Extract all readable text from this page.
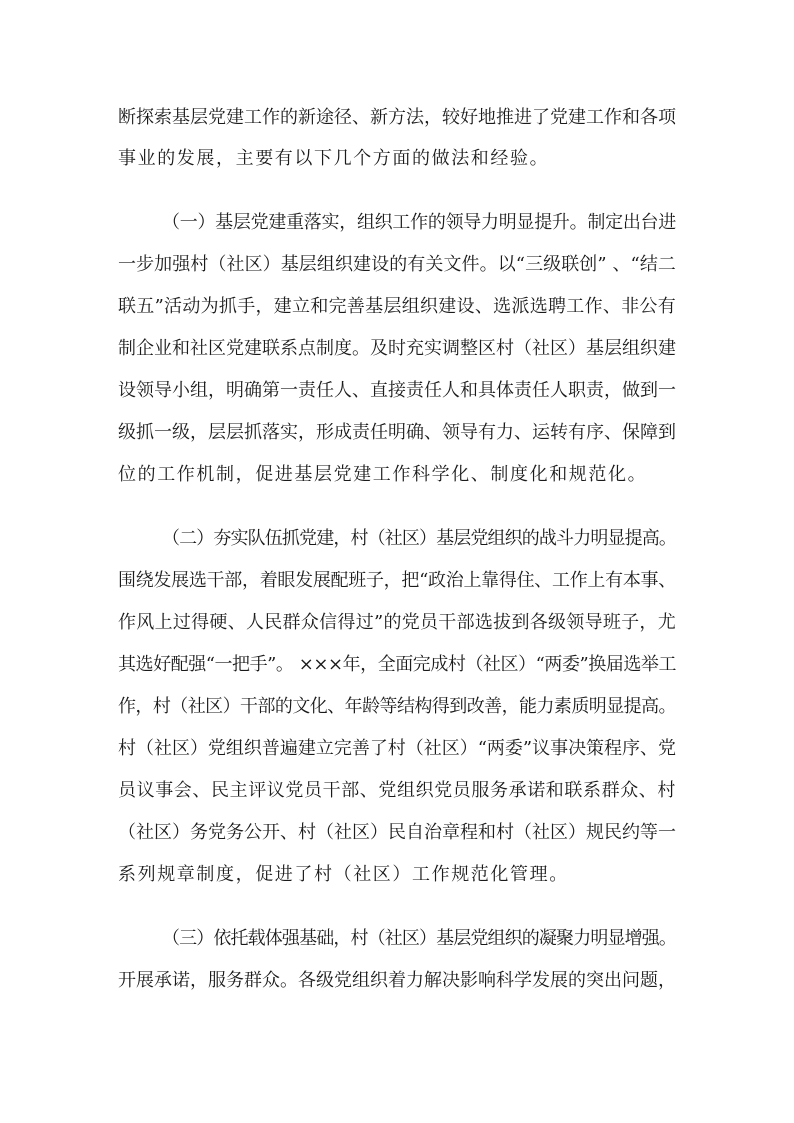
断探索基层党建工作的新途径、新方法，较好地推进了党建工作和各项
事业的发展，主要有以下几个方面的做法和经验。
（一）基层党建重落实，组织工作的领导力明显提升。制定出台进
一步加强村（社区）基层组织建设的有关文件。以“三级联创” 、“结二
联五”活动为抓手，建立和完善基层组织建设、选派选聘工作、非公有
制企业和社区党建联系点制度。及时充实调整区村（社区）基层组织建
设领导小组，明确第一责任人、直接责任人和具体责任人职责，做到一
级抓一级，层层抓落实，形成责任明确、领导有力、运转有序、保障到
位的工作机制，促进基层党建工作科学化、制度化和规范化。
（二）夯实队伍抓党建，村（社区）基层党组织的战斗力明显提高。
围绕发展选干部，着眼发展配班子，把“政治上靠得住、工作上有本事、
作风上过得硬、人民群众信得过”的党员干部选拔到各级领导班子，尤
其选好配强“一把手”。 ×××年，全面完成村（社区）“两委”换届选举工
作，村（社区）干部的文化、年龄等结构得到改善，能力素质明显提高。
村（社区）党组织普遍建立完善了村（社区）“两委”议事决策程序、党
员议事会、民主评议党员干部、党组织党员服务承诺和联系群众、村
（社区）务党务公开、村（社区）民自治章程和村（社区）规民约等一
系列规章制度，促进了村（社区）工作规范化管理。
（三）依托载体强基础，村（社区）基层党组织的凝聚力明显增强。
开展承诺，服务群众。各级党组织着力解决影响科学发展的突出问题，
